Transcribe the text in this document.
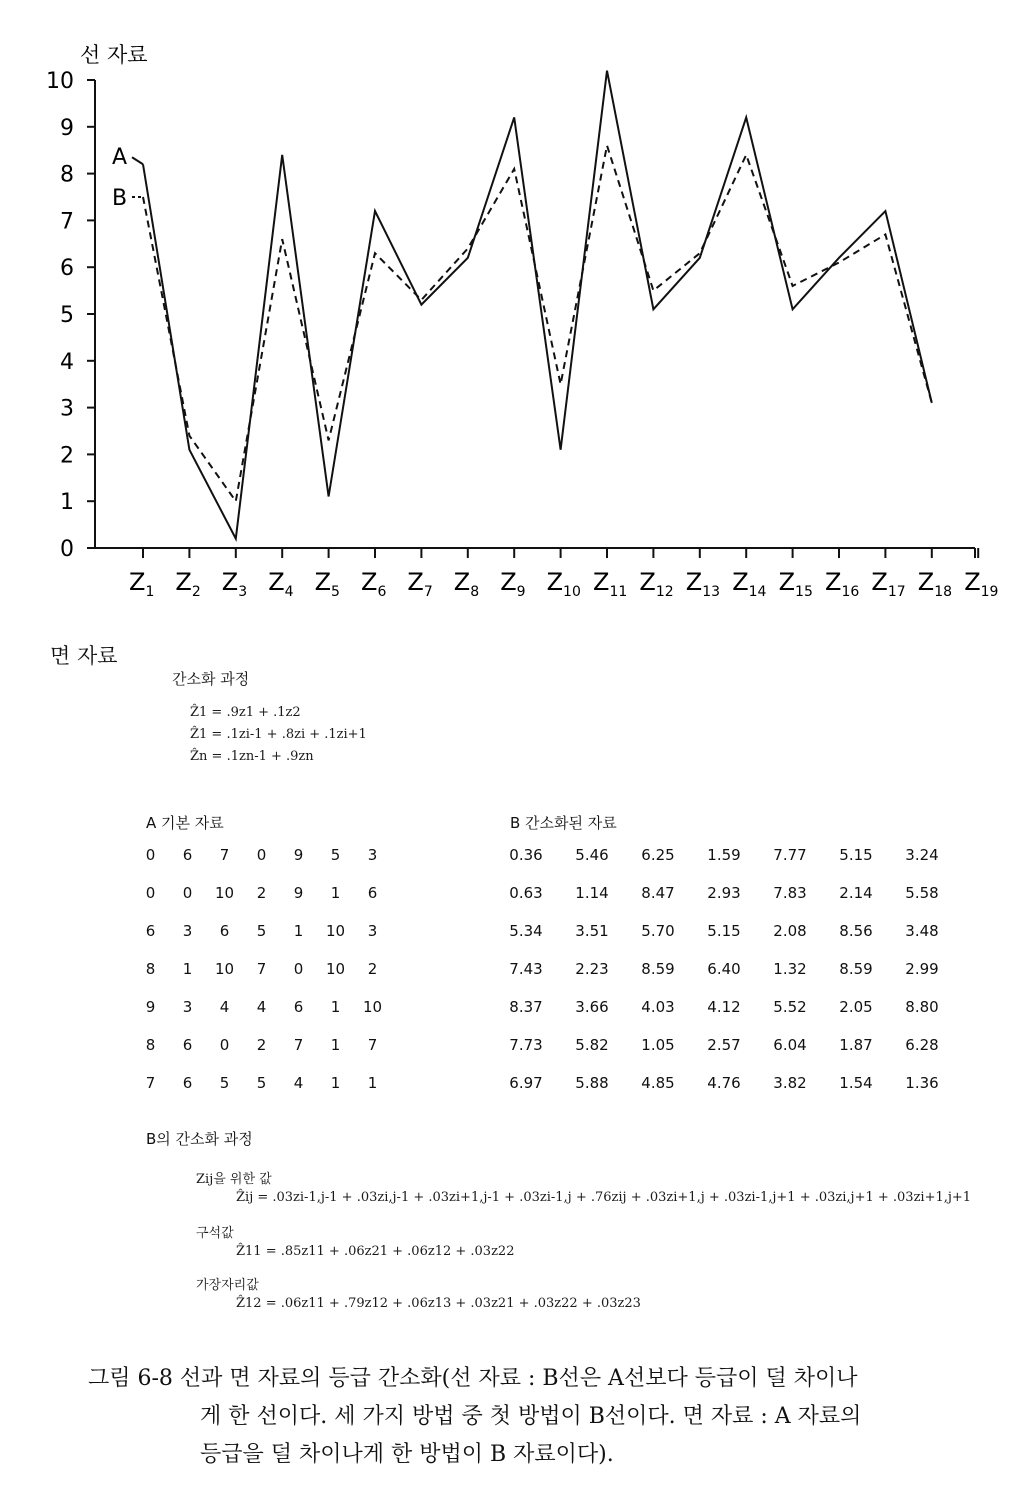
0
1
2
3
4
5
6
7
8
9
10
선 자료
$Z_1$ $Z_2$ $Z_3$ $Z_4$ $Z_5$ $Z_6$ $Z_7$ $Z_8$ $Z_9$ $Z_{10}$ $Z_{11}$ $Z_{12}$ $Z_{13}$ $Z_{14}$ $Z_{15}$ $Z_{16}$ $Z_{17}$ $Z_{18}$ $Z_{19}$
A
B
면 자료
간소화 과정
Ẑ1 = .9z1 + .1z2
Ẑ1 = .1zi-1 + .8zi + .1zi+1
Ẑn = .1zn-1 + .9zn
A 기본 자료
0	6	7	0	9	5	3
0	0	10	2	9	1	6
6	3	6	5	1	10	3
8	1	10	7	0	10	2
9	3	4	4	6	1	10
8	6	0	2	7	1	7
7	6	5	5	4	1	1
B 간소화된 자료
0.36	5.46	6.25	1.59	7.77	5.15	3.24
0.63	1.14	8.47	2.93	7.83	2.14	5.58
5.34	3.51	5.70	5.15	2.08	8.56	3.48
7.43	2.23	8.59	6.40	1.32	8.59	2.99
8.37	3.66	4.03	4.12	5.52	2.05	8.80
7.73	5.82	1.05	2.57	6.04	1.87	6.28
6.97	5.88	4.85	4.76	3.82	1.54	1.36
B의 간소화 과정
Zij을 위한 값
Ẑij = .03zi-1,j-1 + .03zi,j-1 + .03zi+1,j-1 + .03zi-1,j + .76zij + .03zi+1,j + .03zi-1,j+1 + .03zi,j+1 + .03zi+1,j+1
구석값
Ẑ11 = .85z11 + .06z21 + .06z12 + .03z22
가장자리값
Ẑ12 = .06z11 + .79z12 + .06z13 + .03z21 + .03z22 + .03z23
그림 6-8 선과 면 자료의 등급 간소화(선 자료 : B선은 A선보다 등급이 덜 차이나
게 한 선이다. 세 가지 방법 중 첫 방법이 B선이다. 면 자료 : A 자료의
등급을 덜 차이나게 한 방법이 B 자료이다).
